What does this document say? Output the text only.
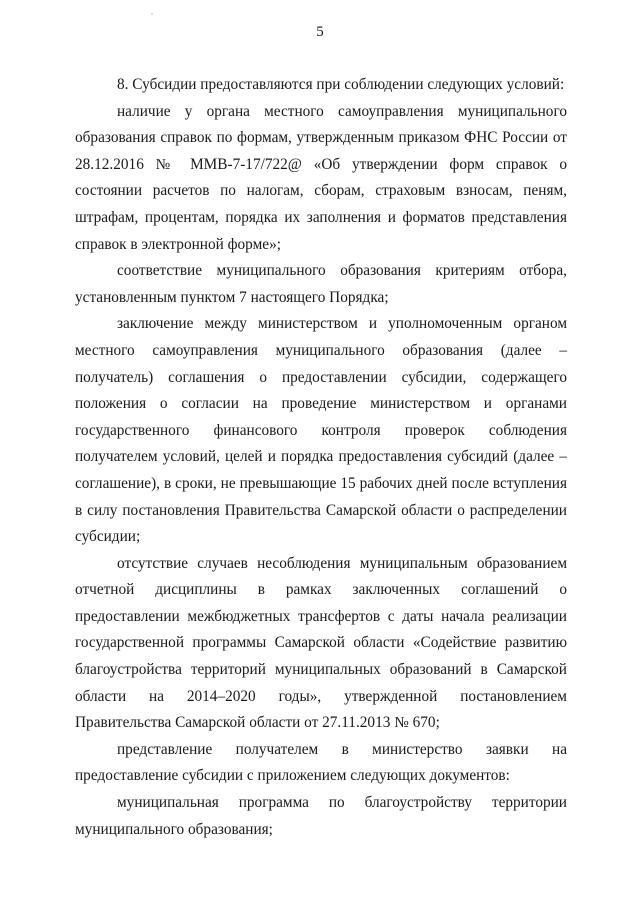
5

8. Субсидии предоставляются при соблюдении следующих условий:

наличие у органа местного самоуправления муниципального образования справок по формам, утвержденным приказом ФНС России от 28.12.2016 № ММВ-7-17/722@ «Об утверждении форм справок о состоянии расчетов по налогам, сборам, страховым взносам, пеням, штрафам, процентам, порядка их заполнения и форматов представления справок в электронной форме»;

соответствие муниципального образования критериям отбора, установленным пунктом 7 настоящего Порядка;

заключение между министерством и уполномоченным органом местного самоуправления муниципального образования (далее – получатель) соглашения о предоставлении субсидии, содержащего положения о согласии на проведение министерством и органами государственного финансового контроля проверок соблюдения получателем условий, целей и порядка предоставления субсидий (далее – соглашение), в сроки, не превышающие 15 рабочих дней после вступления в силу постановления Правительства Самарской области о распределении субсидии;

отсутствие случаев несоблюдения муниципальным образованием отчетной дисциплины в рамках заключенных соглашений о предоставлении межбюджетных трансфертов с даты начала реализации государственной программы Самарской области «Содействие развитию благоустройства территорий муниципальных образований в Самарской области на 2014–2020 годы», утвержденной постановлением Правительства Самарской области от 27.11.2013 № 670;

представление получателем в министерство заявки на предоставление субсидии с приложением следующих документов:

муниципальная программа по благоустройству территории муниципального образования;
